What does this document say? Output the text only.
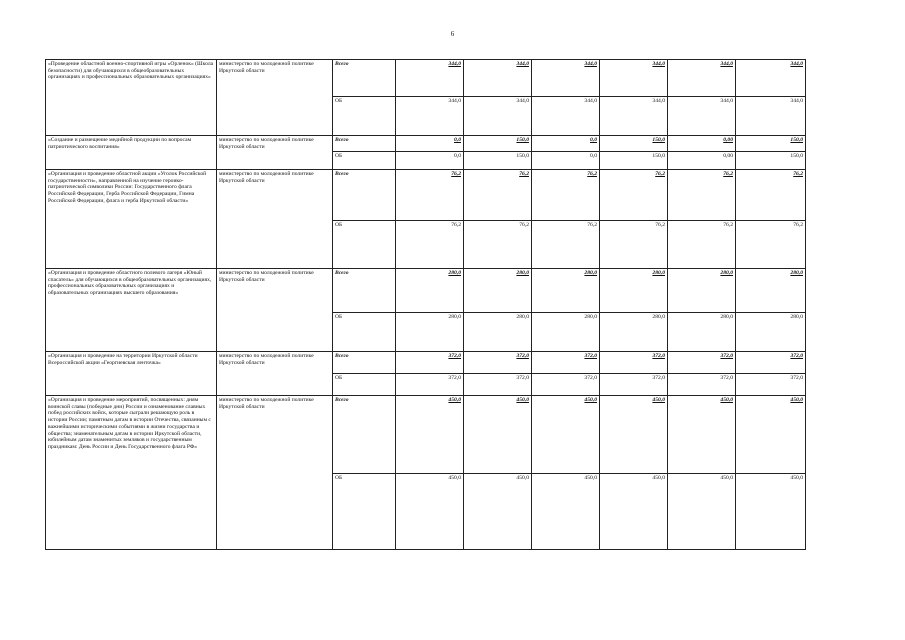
6
«Проведение областной военно-спортивной игры «Орленок» (Школа безопасности) для обучающихся в общеобразовательных организациях и профессиональных образовательных организациях»	министерство по молодежной политике Иркутской области	Всего	344,0	344,0	344,0	344,0	344,0	344,0
		ОБ	344,0	344,0	344,0	344,0	344,0	344,0
«Создание и размещение медийной продукции по вопросам патриотического воспитания»	министерство по молодежной политике Иркутской области	Всего	0,0	150,0	0,0	150,0	0,00	150,0
		ОБ	0,0	150,0	0,0	150,0	0,00	150,0
«Организация и проведение областной акции «Уголок Российской государственности», направленной на изучение героико-патриотической символики России: Государственного флага Российской Федерации, Герба Российской Федерации, Гимна Российской Федерации, флага и герба Иркутской области»	министерство по молодежной политике Иркутской области	Всего	76,2	76,2	76,2	76,2	76,2	76,2
		ОБ	76,2	76,2	76,2	76,2	76,2	76,2
«Организация и проведение областного полевого лагеря «Юный спасатель» для обучающихся в общеобразовательных организациях, профессиональных образовательных организациях и образовательных организациях высшего образования»	министерство по молодежной политике Иркутской области	Всего	280,0	280,0	280,0	280,0	280,0	280,0
		ОБ	280,0	280,0	280,0	280,0	280,0	280,0
«Организация и проведение на территории Иркутской области Всероссийской акции «Георгиевская ленточка»	министерство по молодежной политике Иркутской области	Всего	372,0	372,0	372,0	372,0	372,0	372,0
		ОБ	372,0	372,0	372,0	372,0	372,0	372,0
«Организация и проведение мероприятий, посвященных: дням воинской славы (победные дни) России и ознаменование славных побед российских войск, которые сыграли решающую роль в истории России; памятным датам в истории Отечества, связанным с важнейшими историческими событиями в жизни государства и общества; знаменательным датам в истории Иркутской области, юбилейным датам знаменитых земляков и государственным праздникам: День России и День Государственного флага РФ»	министерство по молодежной политике Иркутской области	Всего	450,0	450,0	450,0	450,0	450,0	450,0
		ОБ	450,0	450,0	450,0	450,0	450,0	450,0
